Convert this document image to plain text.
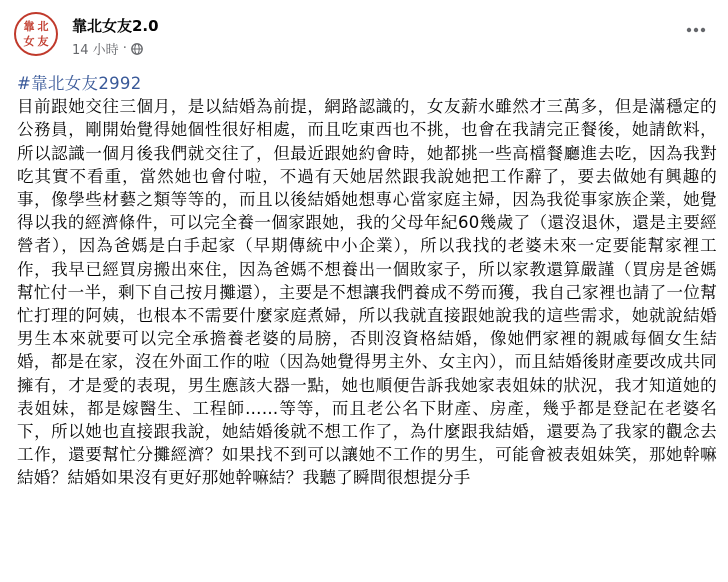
靠 北
女 友
靠北女友2.0
14 小時 ·
#靠北女友2992
目前跟她交往三個月，是以結婚為前提，網路認識的，女友薪水雖然才三萬多，但是滿穩定的公務員，剛開始覺得她個性很好相處，而且吃東西也不挑，也會在我請完正餐後，她請飲料，所以認識一個月後我們就交往了，但最近跟她約會時，她都挑一些高檔餐廳進去吃，因為我對吃其實不看重，當然她也會付啦，不過有天她居然跟我說她把工作辭了，要去做她有興趣的事，像學些材藝之類等等的，而且以後結婚她想專心當家庭主婦，因為我從事家族企業，她覺得以我的經濟條件，可以完全養一個家跟她，我的父母年紀60幾歲了（還沒退休，還是主要經營者），因為爸媽是白手起家（早期傳統中小企業），所以我找的老婆未來一定要能幫家裡工作，我早已經買房搬出來住，因為爸媽不想養出一個敗家子，所以家教還算嚴謹（買房是爸媽幫忙付一半，剩下自己按月攤還），主要是不想讓我們養成不勞而獲，我自己家裡也請了一位幫忙打理的阿姨，也根本不需要什麼家庭煮婦，所以我就直接跟她說我的這些需求，她就說結婚男生本來就要可以完全承擔養老婆的局膀，否則沒資格結婚，像她們家裡的親戚每個女生結婚，都是在家，沒在外面工作的啦（因為她覺得男主外、女主內），而且結婚後財產要改成共同擁有，才是愛的表現，男生應該大器一點，她也順便告訴我她家表姐妹的狀況，我才知道她的表姐妹，都是嫁醫生、工程師……等等，而且老公名下財產、房產，幾乎都是登記在老婆名下，所以她也直接跟我說，她結婚後就不想工作了，為什麼跟我結婚，還要為了我家的觀念去工作，還要幫忙分攤經濟？如果找不到可以讓她不工作的男生，可能會被表姐妹笑，那她幹嘛結婚？結婚如果沒有更好那她幹嘛結？我聽了瞬間很想提分手
